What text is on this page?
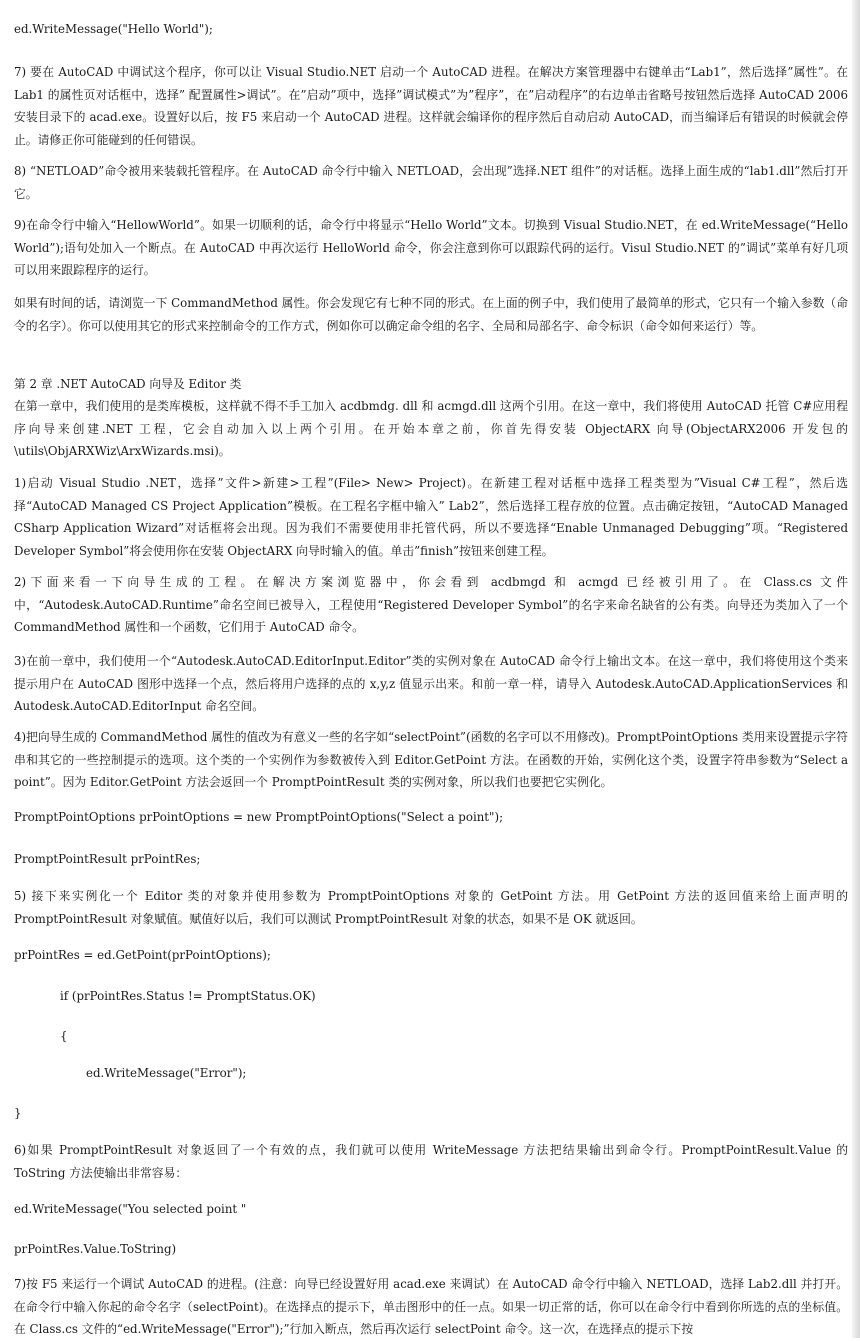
ed.WriteMessage("Hello World");

7) 要在 AutoCAD 中调试这个程序，你可以让 Visual Studio.NET 启动一个 AutoCAD 进程。在解决方案管理器中右键单击“Lab1”，然后选择”属性”。在 Lab1 的属性页对话框中，选择” 配置属性>调试”。在”启动”项中，选择”调试模式”为”程序”，在”启动程序”的右边单击省略号按钮然后选择 AutoCAD 2006 安装目录下的 acad.exe。设置好以后，按 F5 来启动一个 AutoCAD 进程。这样就会编译你的程序然后自动启动 AutoCAD，而当编译后有错误的时候就会停止。请修正你可能碰到的任何错误。

8) “NETLOAD”命令被用来装载托管程序。在 AutoCAD 命令行中输入 NETLOAD，会出现”选择.NET 组件”的对话框。选择上面生成的“lab1.dll”然后打开它。

9)在命令行中输入“HellowWorld”。如果一切顺利的话，命令行中将显示“Hello World”文本。切换到 Visual Studio.NET，在 ed.WriteMessage(“Hello World”);语句处加入一个断点。在 AutoCAD 中再次运行 HelloWorld 命令，你会注意到你可以跟踪代码的运行。Visul Studio.NET 的”调试”菜单有好几项可以用来跟踪程序的运行。

如果有时间的话，请浏览一下 CommandMethod 属性。你会发现它有七种不同的形式。在上面的例子中，我们使用了最简单的形式，它只有一个输入参数（命令的名字）。你可以使用其它的形式来控制命令的工作方式，例如你可以确定命令组的名字、全局和局部名字、命令标识（命令如何来运行）等。

第 2 章 .NET AutoCAD 向导及 Editor 类

在第一章中，我们使用的是类库模板，这样就不得不手工加入 acdbmdg. dll 和 acmgd.dll 这两个引用。在这一章中，我们将使用 AutoCAD 托管 C#应用程序向导来创建.NET 工程，它会自动加入以上两个引用。在开始本章之前，你首先得安装 ObjectARX 向导(ObjectARX2006 开发包的\utils\ObjARXWiz\ArxWizards.msi)。

1)启动 Visual Studio .NET，选择”文件>新建>工程”(File> New> Project)。在新建工程对话框中选择工程类型为”Visual C#工程”，然后选择“AutoCAD Managed CS Project Application”模板。在工程名字框中输入” Lab2”，然后选择工程存放的位置。点击确定按钮，“AutoCAD Managed CSharp Application Wizard”对话框将会出现。因为我们不需要使用非托管代码，所以不要选择“Enable Unmanaged Debugging”项。“Registered Developer Symbol”将会使用你在安装 ObjectARX 向导时输入的值。单击”finish”按钮来创建工程。

2)下面来看一下向导生成的工程。在解决方案浏览器中，你会看到 acdbmgd 和 acmgd 已经被引用了。在 Class.cs 文件中，“Autodesk.AutoCAD.Runtime”命名空间已被导入，工程使用“Registered Developer Symbol”的名字来命名缺省的公有类。向导还为类加入了一个 CommandMethod 属性和一个函数，它们用于 AutoCAD 命令。

3)在前一章中，我们使用一个“Autodesk.AutoCAD.EditorInput.Editor”类的实例对象在 AutoCAD 命令行上输出文本。在这一章中，我们将使用这个类来提示用户在 AutoCAD 图形中选择一个点，然后将用户选择的点的 x,y,z 值显示出来。和前一章一样，请导入 Autodesk.AutoCAD.ApplicationServices 和 Autodesk.AutoCAD.EditorInput 命名空间。

4)把向导生成的 CommandMethod 属性的值改为有意义一些的名字如“selectPoint”(函数的名字可以不用修改)。PromptPointOptions 类用来设置提示字符串和其它的一些控制提示的选项。这个类的一个实例作为参数被传入到 Editor.GetPoint 方法。在函数的开始，实例化这个类，设置字符串参数为“Select a point”。因为 Editor.GetPoint 方法会返回一个 PromptPointResult 类的实例对象，所以我们也要把它实例化。

PromptPointOptions prPointOptions = new PromptPointOptions("Select a point");

PromptPointResult prPointRes;

5) 接下来实例化一个 Editor 类的对象并使用参数为 PromptPointOptions 对象的 GetPoint 方法。用 GetPoint 方法的返回值来给上面声明的 PromptPointResult 对象赋值。赋值好以后，我们可以测试 PromptPointResult 对象的状态，如果不是 OK 就返回。

prPointRes = ed.GetPoint(prPointOptions);

if (prPointRes.Status != PromptStatus.OK)

{

ed.WriteMessage("Error");

}

6)如果 PromptPointResult 对象返回了一个有效的点，我们就可以使用 WriteMessage 方法把结果输出到命令行。PromptPointResult.Value 的 ToString 方法使输出非常容易：

ed.WriteMessage("You selected point "

prPointRes.Value.ToString)

7)按 F5 来运行一个调试 AutoCAD 的进程。(注意：向导已经设置好用 acad.exe 来调试）在 AutoCAD 命令行中输入 NETLOAD，选择 Lab2.dll 并打开。在命令行中输入你起的命令名字（selectPoint)。在选择点的提示下，单击图形中的任一点。如果一切正常的话，你可以在命令行中看到你所选的点的坐标值。在 Class.cs 文件的“ed.WriteMessage("Error");”行加入断点，然后再次运行 selectPoint 命令。这一次，在选择点的提示下按
